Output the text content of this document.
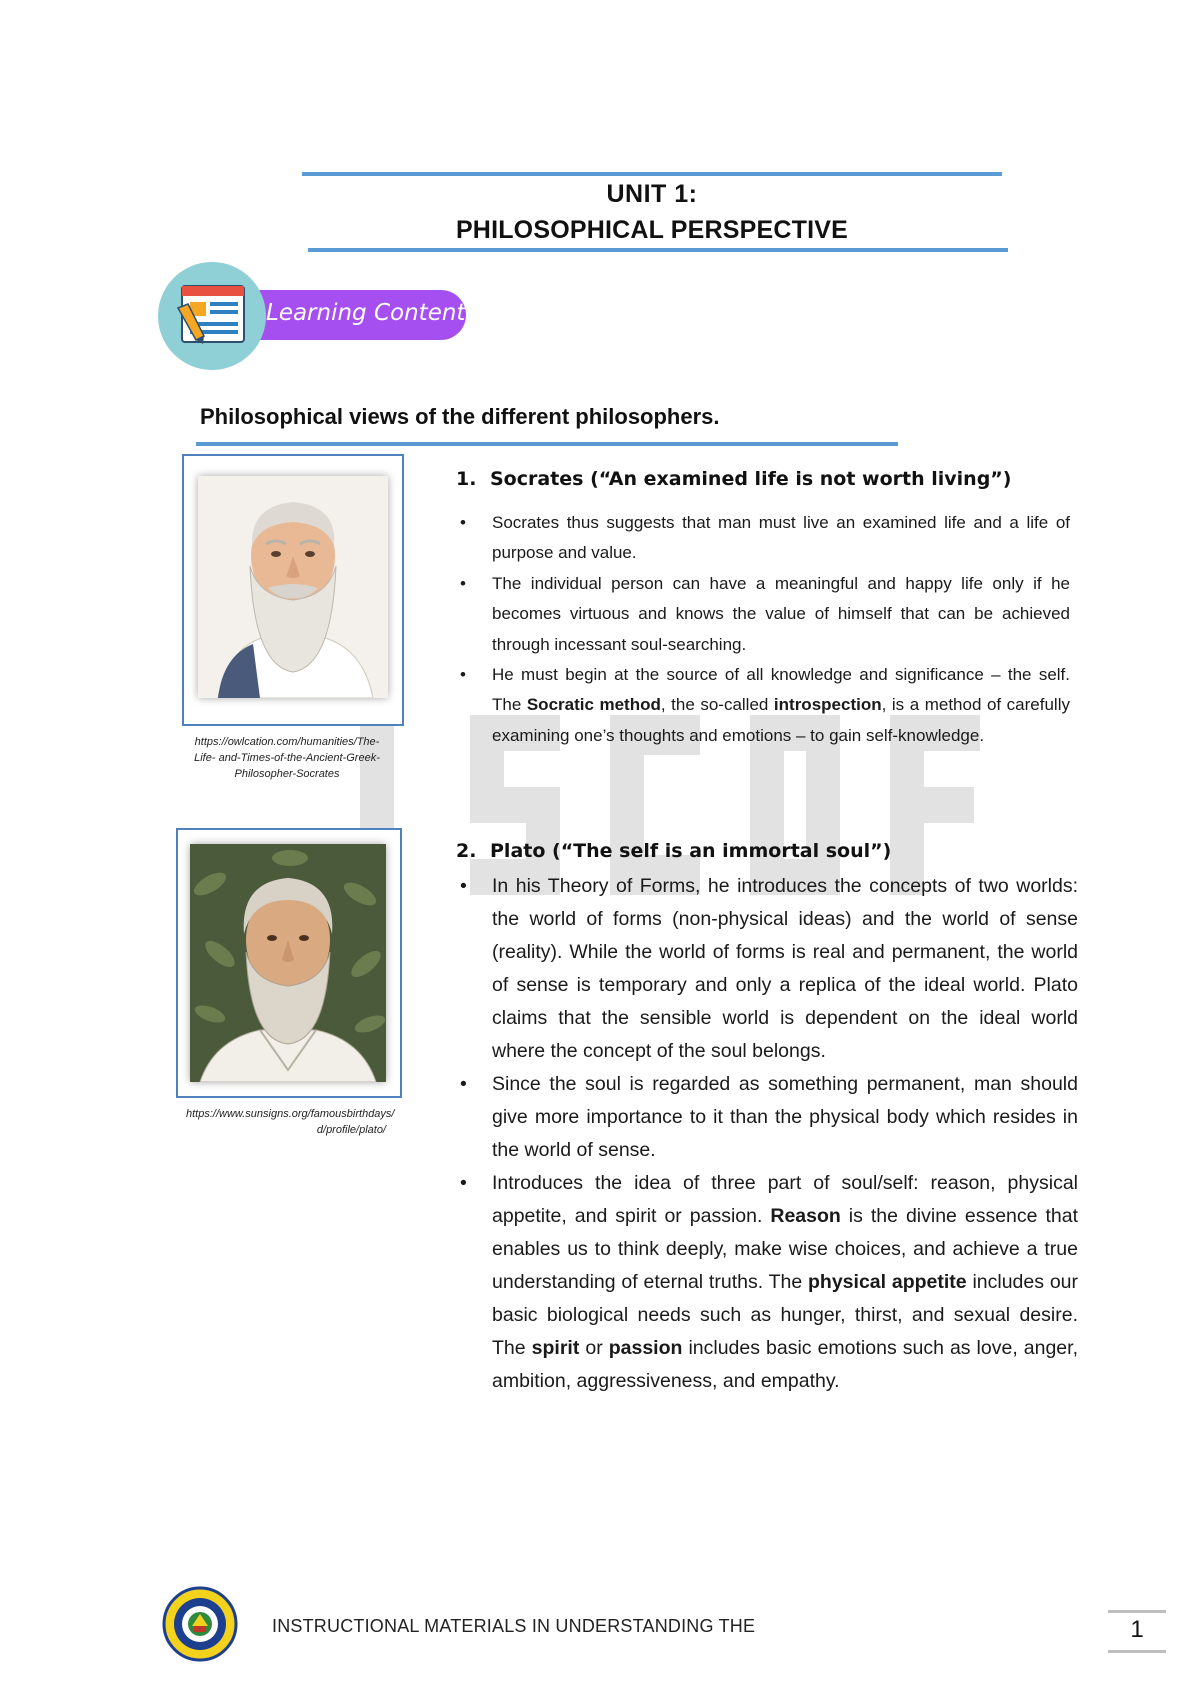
UNIT 1:
PHILOSOPHICAL PERSPECTIVE
Learning Content
Philosophical views of the different philosophers.
https://owlcation.com/humanities/The-Life- and-Times-of-the-Ancient-Greek- Philosopher-Socrates
https://www.sunsigns.org/famousbirthdays/ d/profile/plato/
1. Socrates (“An examined life is not worth living”)
• Socrates thus suggests that man must live an examined life and a life of purpose and value.
• The individual person can have a meaningful and happy life only if he becomes virtuous and knows the value of himself that can be achieved through incessant soul-searching.
• He must begin at the source of all knowledge and significance – the self. The Socratic method, the so-called introspection, is a method of carefully examining one’s thoughts and emotions – to gain self-knowledge.
2. Plato (“The self is an immortal soul”)
• In his Theory of Forms, he introduces the concepts of two worlds: the world of forms (non-physical ideas) and the world of sense (reality). While the world of forms is real and permanent, the world of sense is temporary and only a replica of the ideal world. Plato claims that the sensible world is dependent on the ideal world where the concept of the soul belongs.
• Since the soul is regarded as something permanent, man should give more importance to it than the physical body which resides in the world of sense.
• Introduces the idea of three part of soul/self: reason, physical appetite, and spirit or passion. Reason is the divine essence that enables us to think deeply, make wise choices, and achieve a true understanding of eternal truths. The physical appetite includes our basic biological needs such as hunger, thirst, and sexual desire. The spirit or passion includes basic emotions such as love, anger, ambition, aggressiveness, and empathy.
INSTRUCTIONAL MATERIALS IN UNDERSTANDING THE	1
